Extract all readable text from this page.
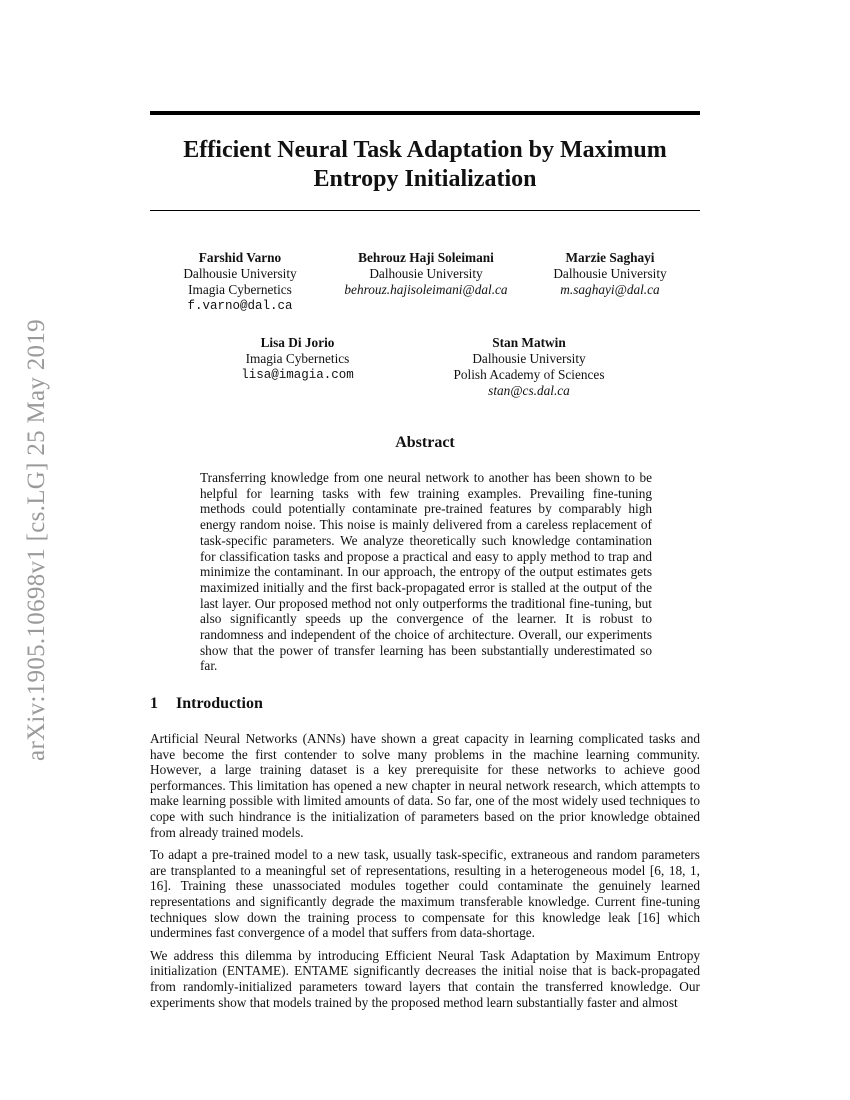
arXiv:1905.10698v1 [cs.LG] 25 May 2019
Efficient Neural Task Adaptation by Maximum Entropy Initialization
Farshid Varno
Dalhousie University
Imagia Cybernetics
f.varno@dal.ca
Behrouz Haji Soleimani
Dalhousie University
behrouz.hajisoleimani@dal.ca
Marzie Saghayi
Dalhousie University
m.saghayi@dal.ca
Lisa Di Jorio
Imagia Cybernetics
lisa@imagia.com
Stan Matwin
Dalhousie University
Polish Academy of Sciences
stan@cs.dal.ca
Abstract
Transferring knowledge from one neural network to another has been shown to be helpful for learning tasks with few training examples. Prevailing fine-tuning methods could potentially contaminate pre-trained features by comparably high energy random noise. This noise is mainly delivered from a careless replacement of task-specific parameters. We analyze theoretically such knowledge contamination for classification tasks and propose a practical and easy to apply method to trap and minimize the contaminant. In our approach, the entropy of the output estimates gets maximized initially and the first back-propagated error is stalled at the output of the last layer. Our proposed method not only outperforms the traditional fine-tuning, but also significantly speeds up the convergence of the learner. It is robust to randomness and independent of the choice of architecture. Overall, our experiments show that the power of transfer learning has been substantially underestimated so far.
1 Introduction

Artificial Neural Networks (ANNs) have shown a great capacity in learning complicated tasks and have become the first contender to solve many problems in the machine learning community. However, a large training dataset is a key prerequisite for these networks to achieve good performances. This limitation has opened a new chapter in neural network research, which attempts to make learning possible with limited amounts of data. So far, one of the most widely used techniques to cope with such hindrance is the initialization of parameters based on the prior knowledge obtained from already trained models.

To adapt a pre-trained model to a new task, usually task-specific, extraneous and random parameters are transplanted to a meaningful set of representations, resulting in a heterogeneous model [6, 18, 1, 16]. Training these unassociated modules together could contaminate the genuinely learned representations and significantly degrade the maximum transferable knowledge. Current fine-tuning techniques slow down the training process to compensate for this knowledge leak [16] which undermines fast convergence of a model that suffers from data-shortage.

We address this dilemma by introducing Efficient Neural Task Adaptation by Maximum Entropy initialization (ENTAME). ENTAME significantly decreases the initial noise that is back-propagated from randomly-initialized parameters toward layers that contain the transferred knowledge. Our experiments show that models trained by the proposed method learn substantially faster and almost
